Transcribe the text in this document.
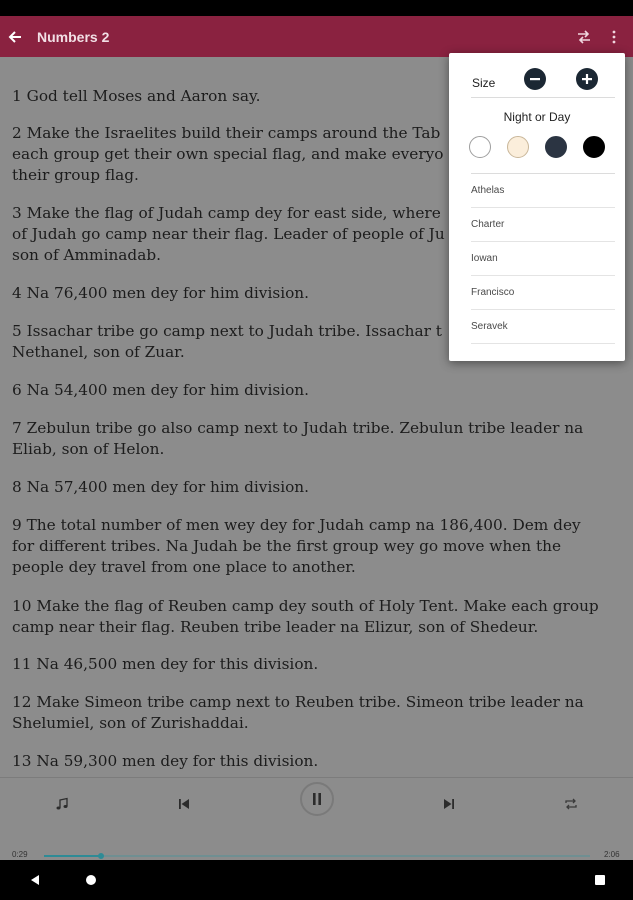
Numbers 2
1 God tell Moses and Aaron say.
2 Make the Israelites build their camps around the Tab
each group get their own special flag, and make everyo
their group flag.
3 Make the flag of Judah camp dey for east side, where
of Judah go camp near their flag. Leader of people of Ju
son of Amminadab.
4 Na 76,400 men dey for him division.
5 Issachar tribe go camp next to Judah tribe. Issachar t
Nethanel, son of Zuar.
6 Na 54,400 men dey for him division.
7 Zebulun tribe go also camp next to Judah tribe. Zebulun tribe leader na
Eliab, son of Helon.
8 Na 57,400 men dey for him division.
9 The total number of men wey dey for Judah camp na 186,400. Dem dey
for different tribes. Na Judah be the first group wey go move when the
people dey travel from one place to another.
10 Make the flag of Reuben camp dey south of Holy Tent. Make each group
camp near their flag. Reuben tribe leader na Elizur, son of Shedeur.
11 Na 46,500 men dey for this division.
12 Make Simeon tribe camp next to Reuben tribe. Simeon tribe leader na
Shelumiel, son of Zurishaddai.
13 Na 59,300 men dey for this division.
0:29	2:06
Size
Night or Day
Athelas
Charter
Iowan
Francisco
Seravek
